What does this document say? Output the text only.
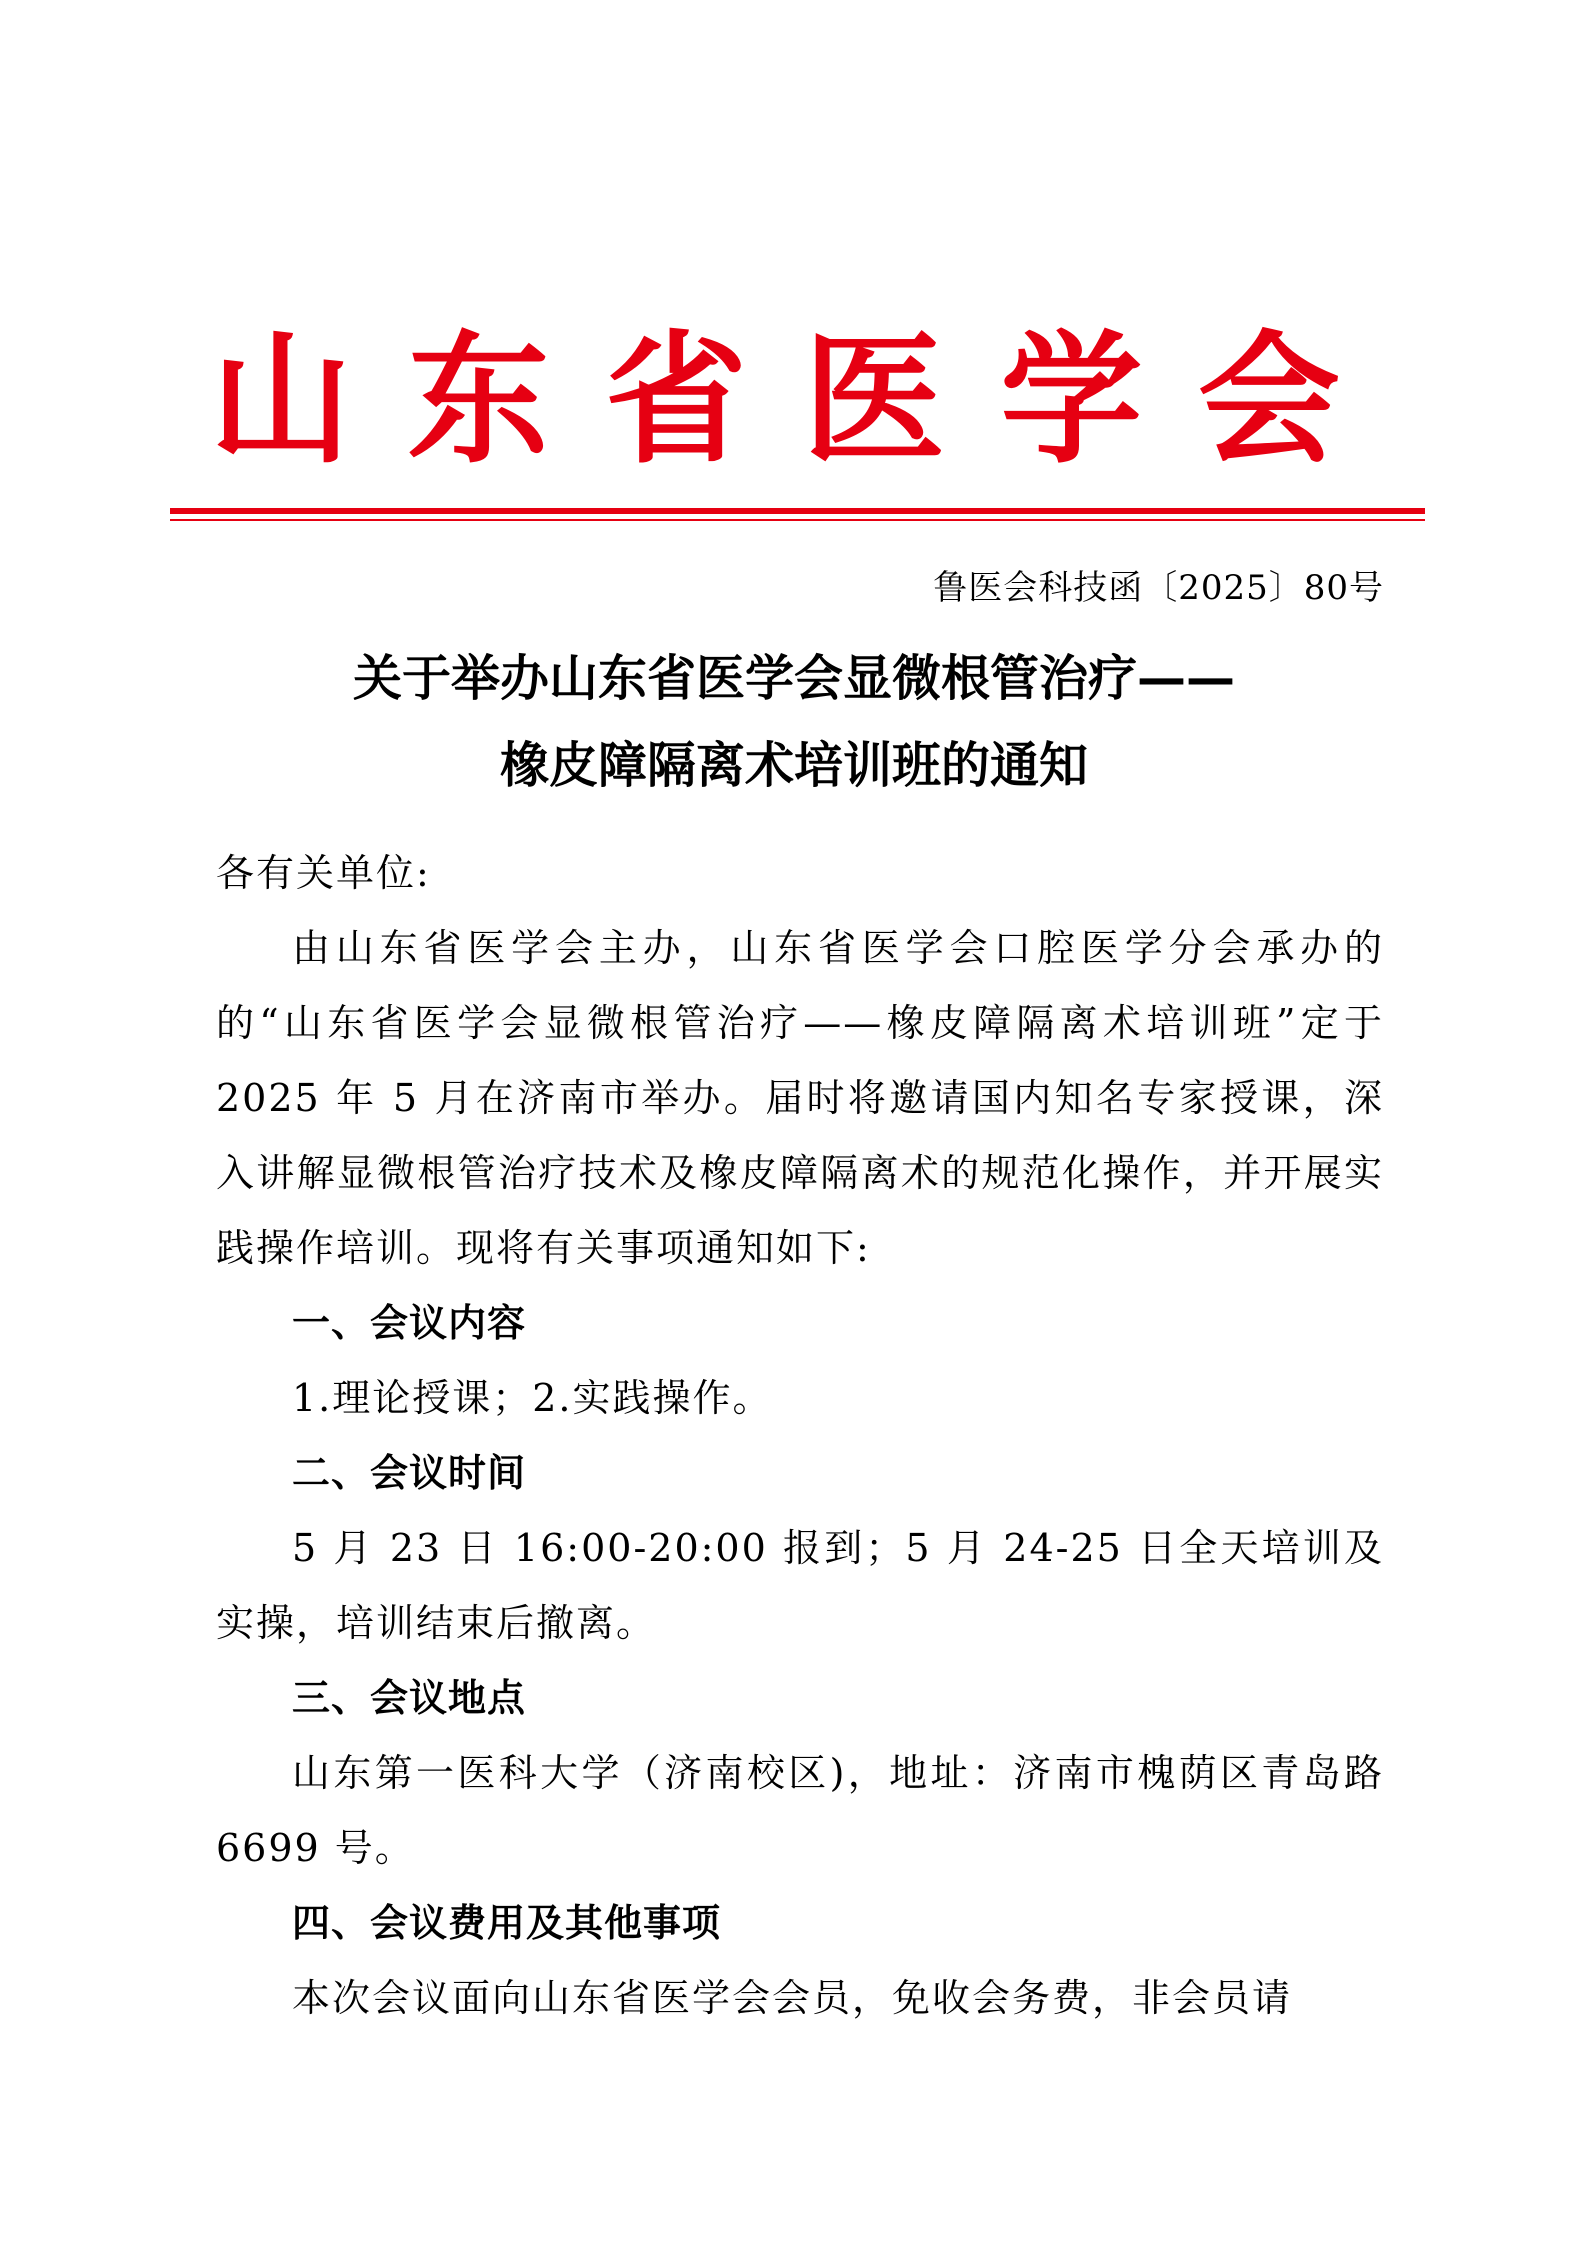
山 东 省 医 学 会
鲁医会科技函〔2025〕80号
关于举办山东省医学会显微根管治疗——
橡皮障隔离术培训班的通知

各有关单位:

由山东省医学会主办，山东省医学会口腔医学分会承办的的“山东省医学会显微根管治疗——橡皮障隔离术培训班”定于 2025 年 5 月在济南市举办。届时将邀请国内知名专家授课，深入讲解显微根管治疗技术及橡皮障隔离术的规范化操作，并开展实践操作培训。现将有关事项通知如下:

一、会议内容

1.理论授课；2.实践操作。

二、会议时间

5 月 23 日 16:00-20:00 报到；5 月 24-25 日全天培训及实操，培训结束后撤离。

三、会议地点

山东第一医科大学（济南校区)，地址：济南市槐荫区青岛路 6699 号。

四、会议费用及其他事项

本次会议面向山东省医学会会员，免收会务费，非会员请
